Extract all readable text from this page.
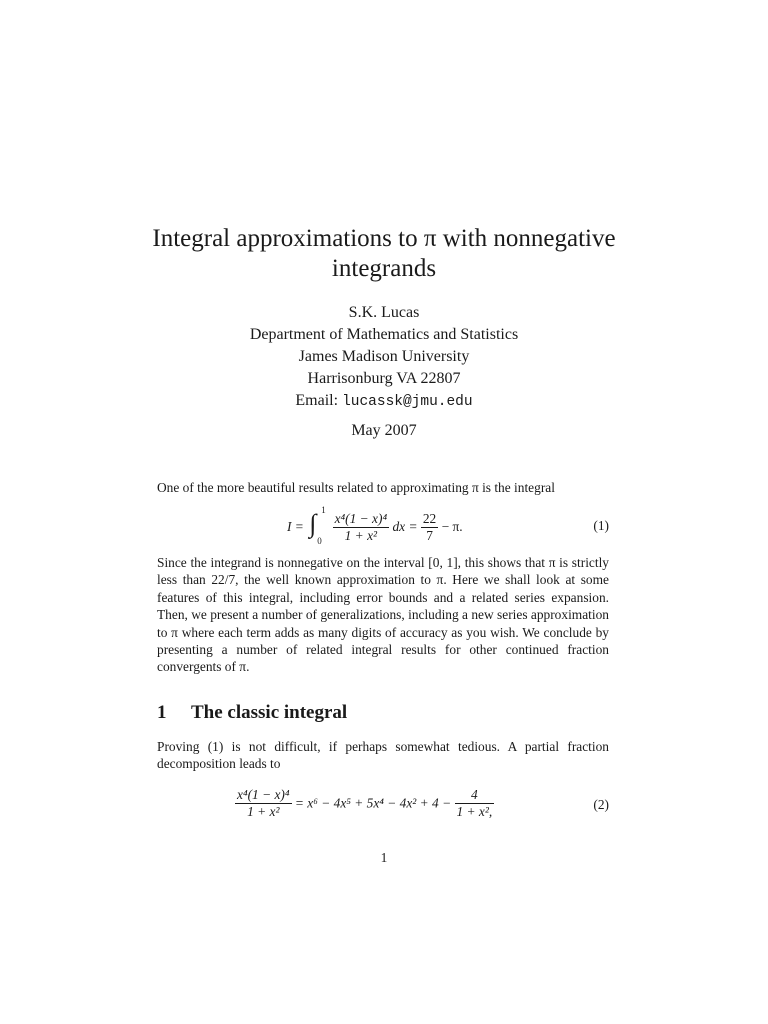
Integral approximations to π with nonnegative integrands
S.K. Lucas
Department of Mathematics and Statistics
James Madison University
Harrisonburg VA 22807
Email: lucassk@jmu.edu
May 2007
One of the more beautiful results related to approximating π is the integral
I = ∫ 1
0
$\frac{\text{x⁴(1 − x)⁴}}{\text{1 + x²}}$ dx = $\frac{22}{7} - \pi$.	(1)
Since the integrand is nonnegative on the interval [0, 1], this shows that π is strictly less than 22/7, the well known approximation to π. Here we shall look at some features of this integral, including error bounds and a related series expansion. Then, we present a number of generalizations, including a new series approximation to π where each term adds as many digits of accuracy as you wish. We conclude by presenting a number of related integral results for other continued fraction convergents of π.
1 The classic integral
Proving (1) is not difficult, if perhaps somewhat tedious. A partial fraction decomposition leads to
$\frac{\text{x⁴(1 − x)⁴}}{\text{1 + x²}} = x^6 - 4x^5 + 5x^4 - 4x^2 + 4 - \frac{4}{\text{1 + x²,}}$	(2)
1
